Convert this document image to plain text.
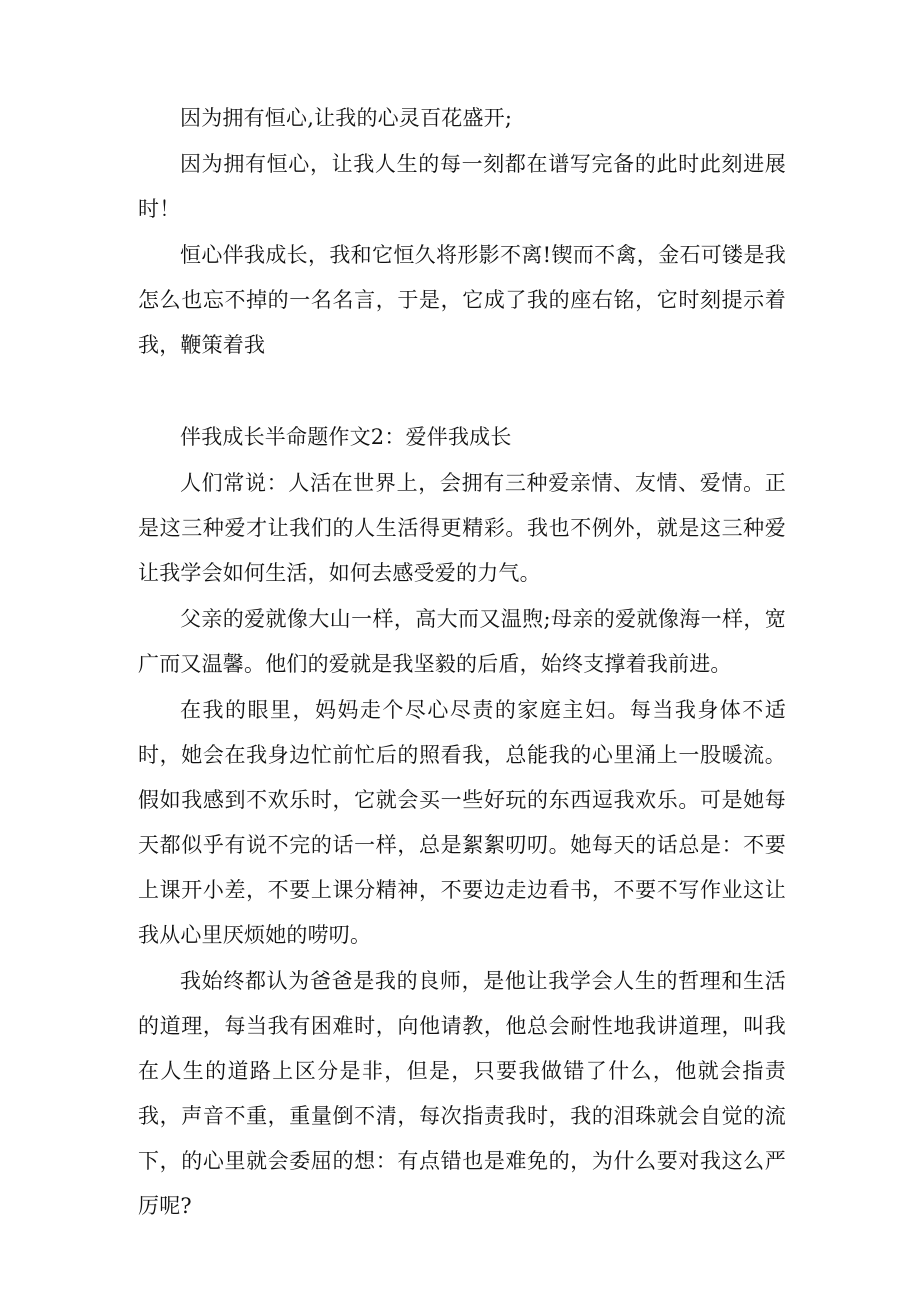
因为拥有恒心,让我的心灵百花盛开;

因为拥有恒心，让我人生的每一刻都在谱写完备的此时此刻进展时！

恒心伴我成长，我和它恒久将形影不离!锲而不禽，金石可镂是我怎么也忘不掉的一名名言，于是，它成了我的座右铭，它时刻提示着我，鞭策着我

伴我成长半命题作文2：爱伴我成长

人们常说：人活在世界上，会拥有三种爱亲情、友情、爱情。正是这三种爱才让我们的人生活得更精彩。我也不例外，就是这三种爱让我学会如何生活，如何去感受爱的力气。

父亲的爱就像大山一样，高大而又温煦;母亲的爱就像海一样，宽广而又温馨。他们的爱就是我坚毅的后盾，始终支撑着我前进。

在我的眼里，妈妈走个尽心尽责的家庭主妇。每当我身体不适时，她会在我身边忙前忙后的照看我，总能我的心里涌上一股暖流。假如我感到不欢乐时，它就会买一些好玩的东西逗我欢乐。可是她每天都似乎有说不完的话一样，总是絮絮叨叨。她每天的话总是：不要上课开小差，不要上课分精神，不要边走边看书，不要不写作业这让我从心里厌烦她的唠叨。

我始终都认为爸爸是我的良师，是他让我学会人生的哲理和生活的道理，每当我有困难时，向他请教，他总会耐性地我讲道理，叫我在人生的道路上区分是非，但是，只要我做错了什么，他就会指责我，声音不重，重量倒不清，每次指责我时，我的泪珠就会自觉的流下，的心里就会委屈的想：有点错也是难免的，为什么要对我这么严厉呢?
